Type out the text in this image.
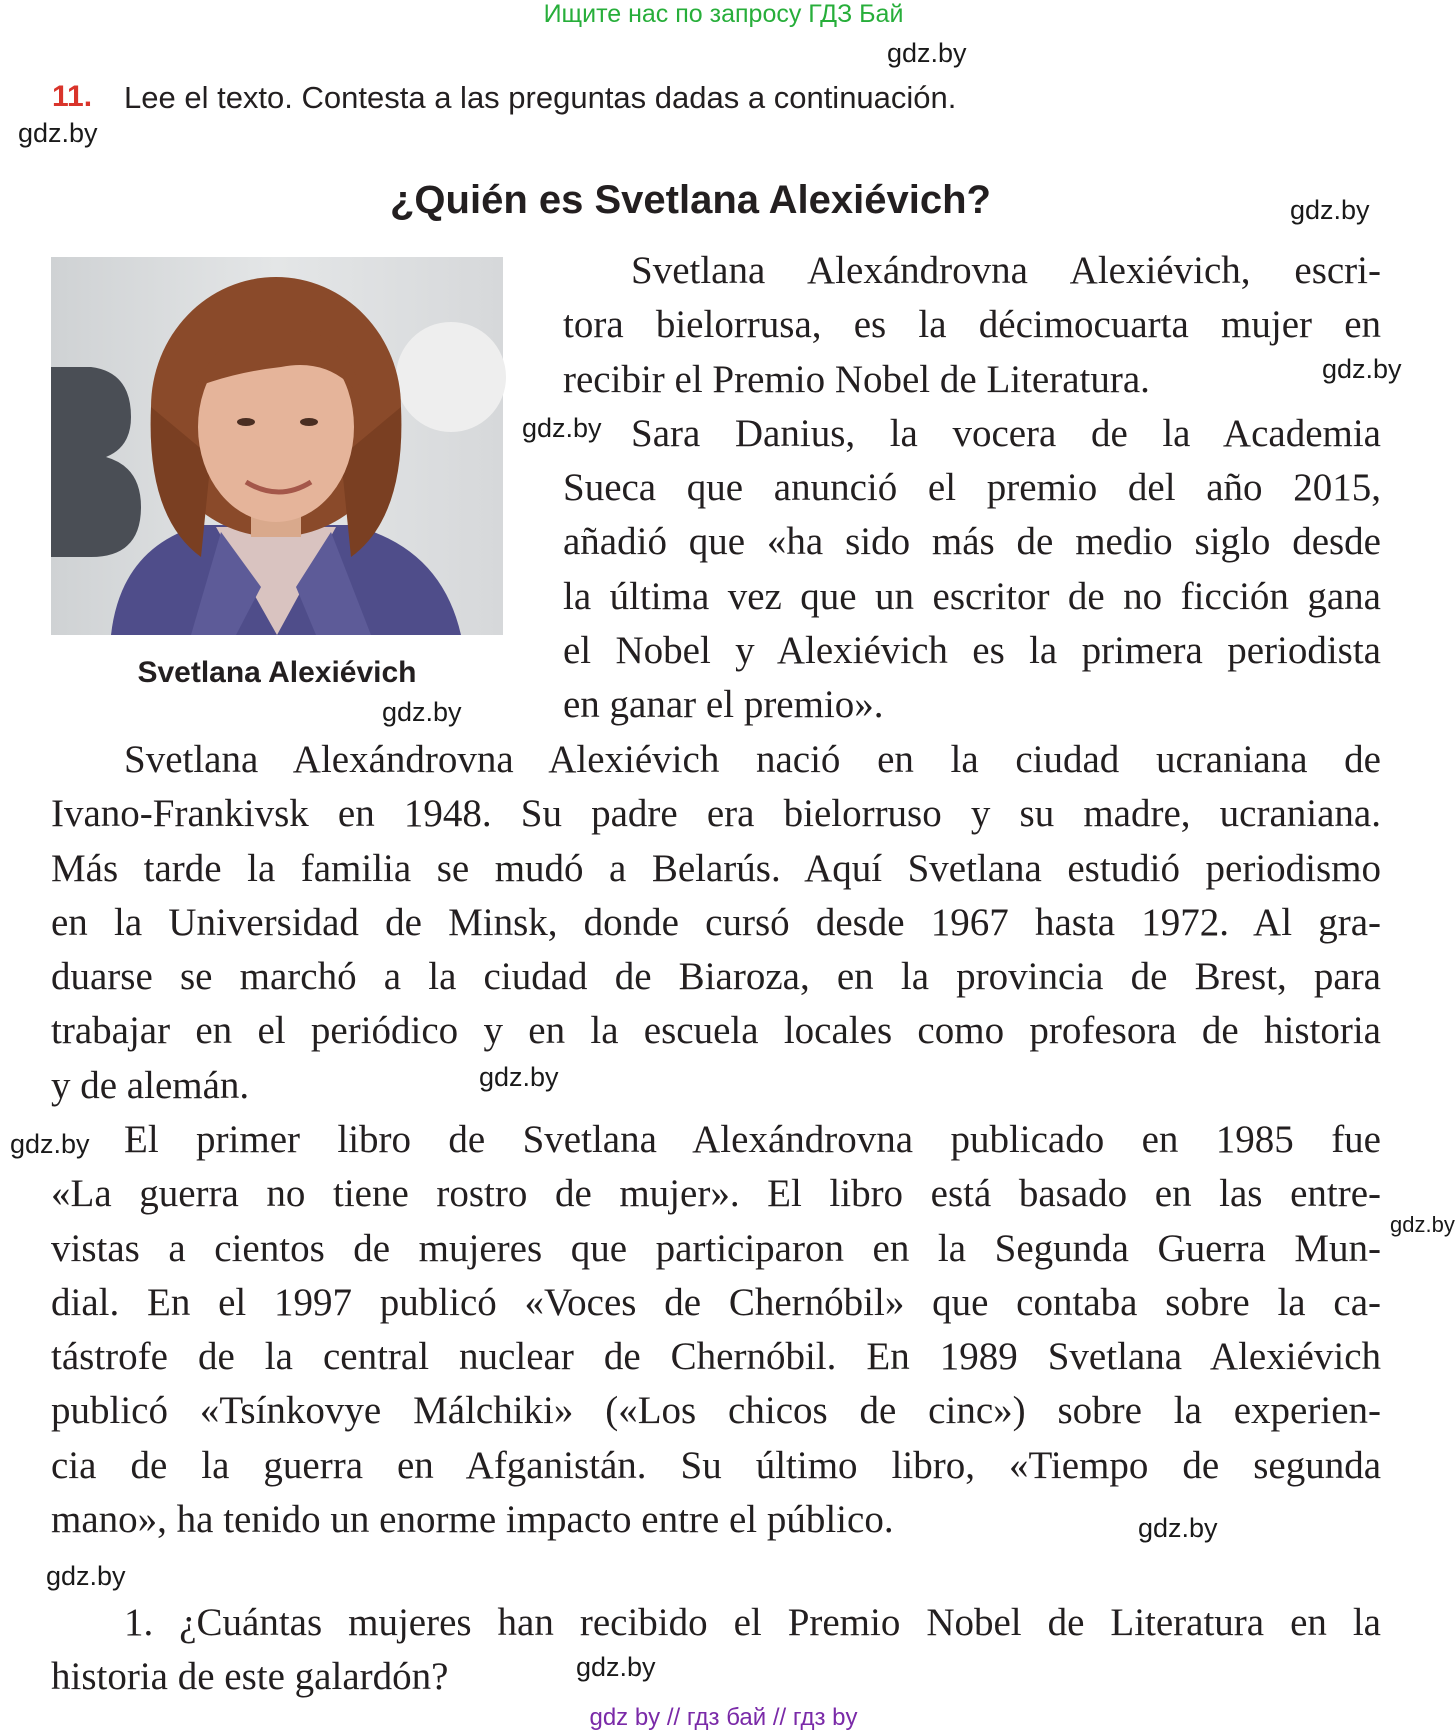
Ищите нас по запросу ГДЗ Бай
gdz.by
gdz.by
gdz.by
gdz.by
gdz.by
gdz.by
gdz.by
gdz.by
gdz.by
gdz.by
gdz.by
gdz.by
11. Lee el texto. Contesta a las preguntas dadas a continuación.
¿Quién es Svetlana Alexiévich?
Svetlana Alexiévich
Svetlana Alexándrovna Alexiévich, escri-
tora bielorrusa, es la décimocuarta mujer en
recibir el Premio Nobel de Literatura.
Sara Danius, la vocera de la Academia
Sueca que anunció el premio del año 2015,
añadió que «ha sido más de medio siglo desde
la última vez que un escritor de no ficción gana
el Nobel y Alexiévich es la primera periodista
en ganar el premio».
Svetlana Alexándrovna Alexiévich nació en la ciudad ucraniana de
Ivano-Frankivsk en 1948. Su padre era bielorruso y su madre, ucraniana.
Más tarde la familia se mudó a Belarús. Aquí Svetlana estudió periodismo
en la Universidad de Minsk, donde cursó desde 1967 hasta 1972. Al gra-
duarse se marchó a la ciudad de Biaroza, en la provincia de Brest, para
trabajar en el periódico y en la escuela locales como profesora de historia
y de alemán.
El primer libro de Svetlana Alexándrovna publicado en 1985 fue
«La guerra no tiene rostro de mujer». El libro está basado en las entre-
vistas a cientos de mujeres que participaron en la Segunda Guerra Mun-
dial. En el 1997 publicó «Voces de Chernóbil» que contaba sobre la ca-
tástrofe de la central nuclear de Chernóbil. En 1989 Svetlana Alexiévich
publicó «Tsínkovye Málchiki» («Los chicos de cinc») sobre la experien-
cia de la guerra en Afganistán. Su último libro, «Tiempo de segunda
mano», ha tenido un enorme impacto entre el público.
1. ¿Cuántas mujeres han recibido el Premio Nobel de Literatura en la
historia de este galardón?
gdz by // гдз бай // гдз by
